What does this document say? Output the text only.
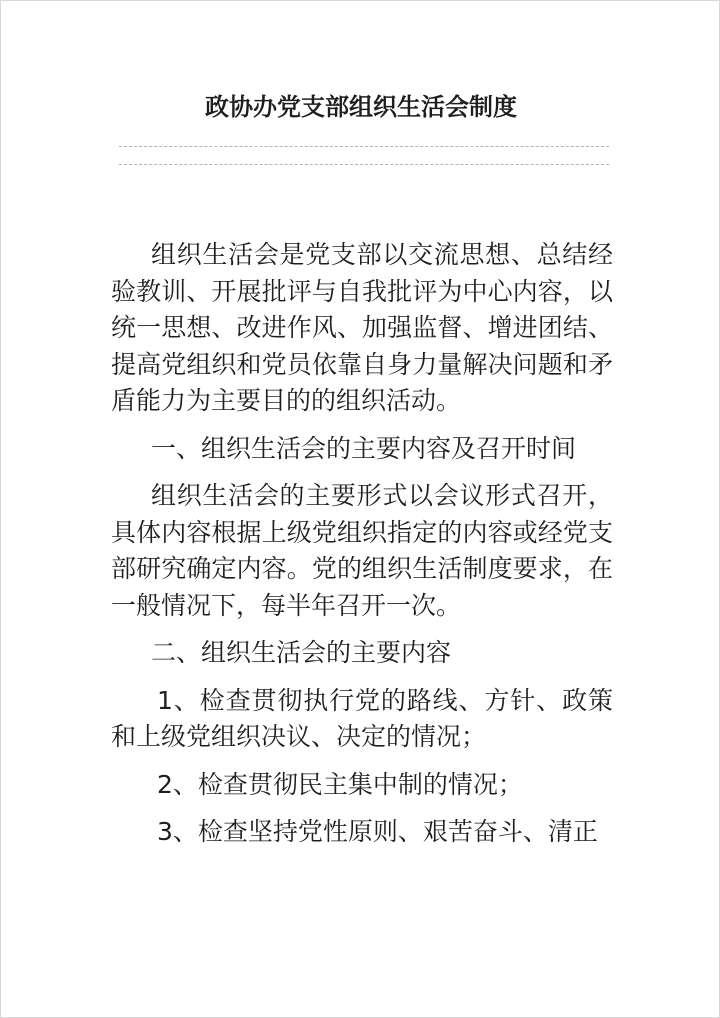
政协办党支部组织生活会制度

组织生活会是党支部以交流思想、总结经验教训、开展批评与自我批评为中心内容，以统一思想、改进作风、加强监督、增进团结、提高党组织和党员依靠自身力量解决问题和矛盾能力为主要目的的组织活动。

一、组织生活会的主要内容及召开时间

组织生活会的主要形式以会议形式召开，具体内容根据上级党组织指定的内容或经党支部研究确定内容。党的组织生活制度要求，在一般情况下，每半年召开一次。

二、组织生活会的主要内容

1、检查贯彻执行党的路线、方针、政策和上级党组织决议、决定的情况；

2、检查贯彻民主集中制的情况；

3、检查坚持党性原则、艰苦奋斗、清正
